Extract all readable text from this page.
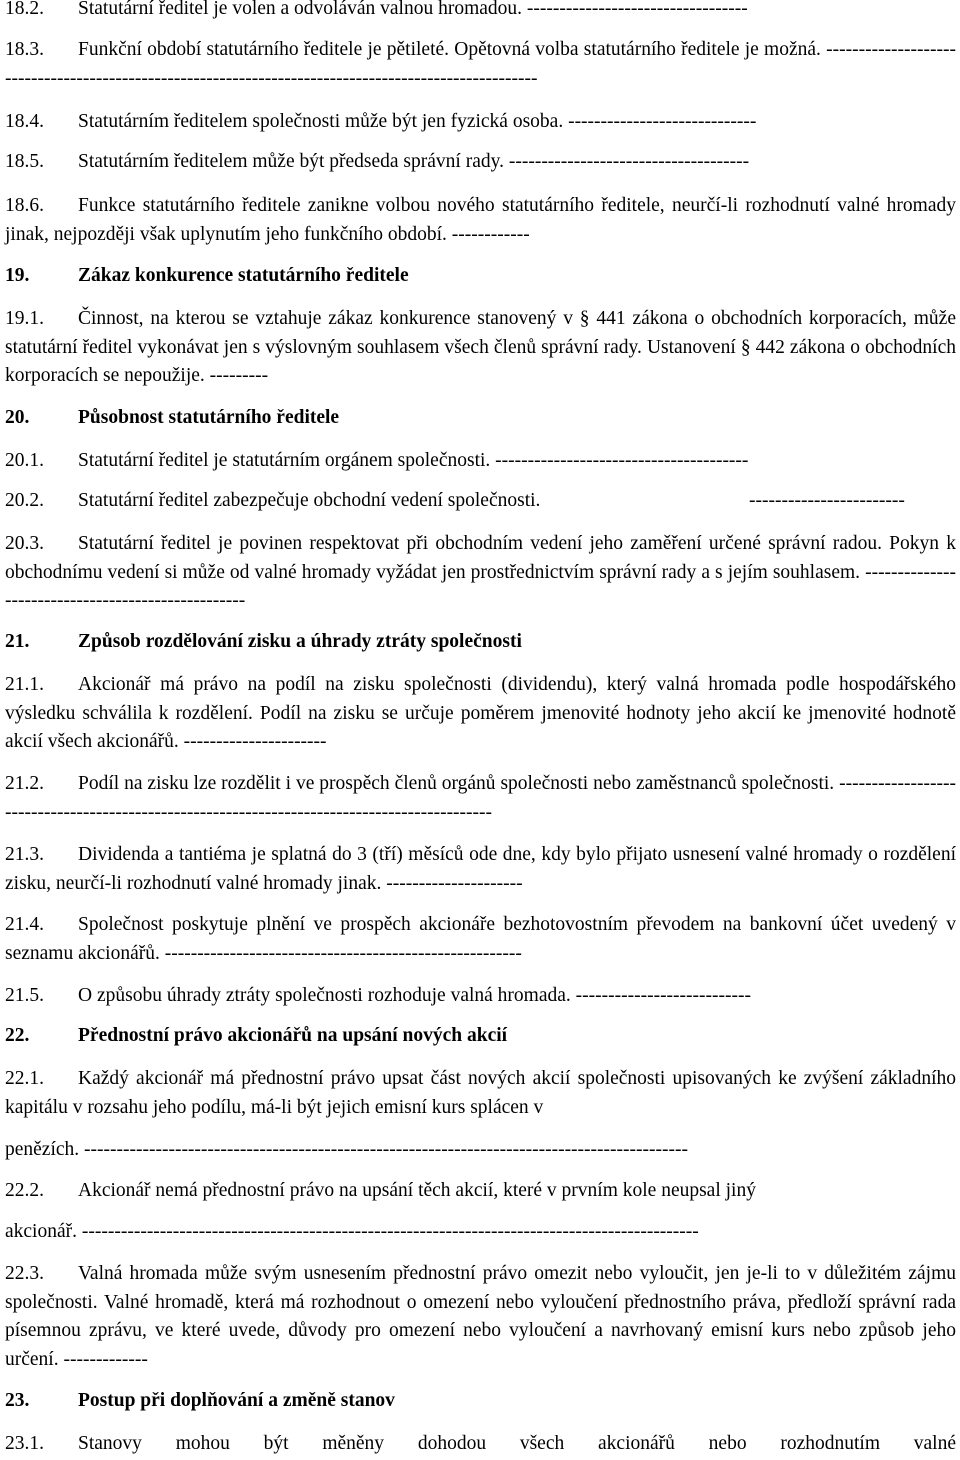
18.2. Statutární ředitel je volen a odvoláván valnou hromadou. ----------------------------------
18.3. Funkční období statutárního ředitele je pětileté. Opětovná volba statutárního ředitele je možná. ------------------------------------------------------------------------------------------------------
18.4. Statutárním ředitelem společnosti může být jen fyzická osoba. -----------------------------
18.5. Statutárním ředitelem může být předseda správní rady. -------------------------------------
18.6. Funkce statutárního ředitele zanikne volbou nového statutárního ředitele, neurčí-li rozhodnutí valné hromady jinak, nejpozději však uplynutím jeho funkčního období. ------------
19. Zákaz konkurence statutárního ředitele
19.1. Činnost, na kterou se vztahuje zákaz konkurence stanovený v § 441 zákona o obchodních korporacích, může statutární ředitel vykonávat jen s výslovným souhlasem všech členů správní rady. Ustanovení § 442 zákona o obchodních korporacích se nepoužije. ---------
20. Působnost statutárního ředitele
20.1. Statutární ředitel je statutárním orgánem společnosti. ---------------------------------------
20.2. Statutární ředitel zabezpečuje obchodní vedení společnosti.	------------------------
20.3. Statutární ředitel je povinen respektovat při obchodním vedení jeho zaměření určené správní radou. Pokyn k obchodnímu vedení si může od valné hromady vyžádat jen prostřednictvím správní rady a s jejím souhlasem. ---------------------------------------------------
21. Způsob rozdělování zisku a úhrady ztráty společnosti
21.1. Akcionář má právo na podíl na zisku společnosti (dividendu), který valná hromada podle hospodářského výsledku schválila k rozdělení. Podíl na zisku se určuje poměrem jmenovité hodnoty jeho akcií ke jmenovité hodnotě akcií všech akcionářů. ----------------------
21.2. Podíl na zisku lze rozdělit i ve prospěch členů orgánů společnosti nebo zaměstnanců společnosti. ---------------------------------------------------------------------------------------------
21.3. Dividenda a tantiéma je splatná do 3 (tří) měsíců ode dne, kdy bylo přijato usnesení valné hromady o rozdělení zisku, neurčí-li rozhodnutí valné hromady jinak. ---------------------
21.4. Společnost poskytuje plnění ve prospěch akcionáře bezhotovostním převodem na bankovní účet uvedený v seznamu akcionářů. -------------------------------------------------------
21.5. O způsobu úhrady ztráty společnosti rozhoduje valná hromada. ---------------------------
22. Přednostní právo akcionářů na upsání nových akcií
22.1. Každý akcionář má přednostní právo upsat část nových akcií společnosti upisovaných ke zvýšení základního kapitálu v rozsahu jeho podílu, má-li být jejich emisní kurs splácen v
penězích. ---------------------------------------------------------------------------------------------
22.2. Akcionář nemá přednostní právo na upsání těch akcií, které v prvním kole neupsal jiný
akcionář. -----------------------------------------------------------------------------------------------
22.3. Valná hromada může svým usnesením přednostní právo omezit nebo vyloučit, jen je-li to v důležitém zájmu společnosti. Valné hromadě, která má rozhodnout o omezení nebo vyloučení přednostního práva, předloží správní rada písemnou zprávu, ve které uvede, důvody pro omezení nebo vyloučení a navrhovaný emisní kurs nebo způsob jeho určení. -------------
23. Postup při doplňování a změně stanov
23.1. Stanovy mohou být měněny dohodou všech akcionářů nebo rozhodnutím valné
